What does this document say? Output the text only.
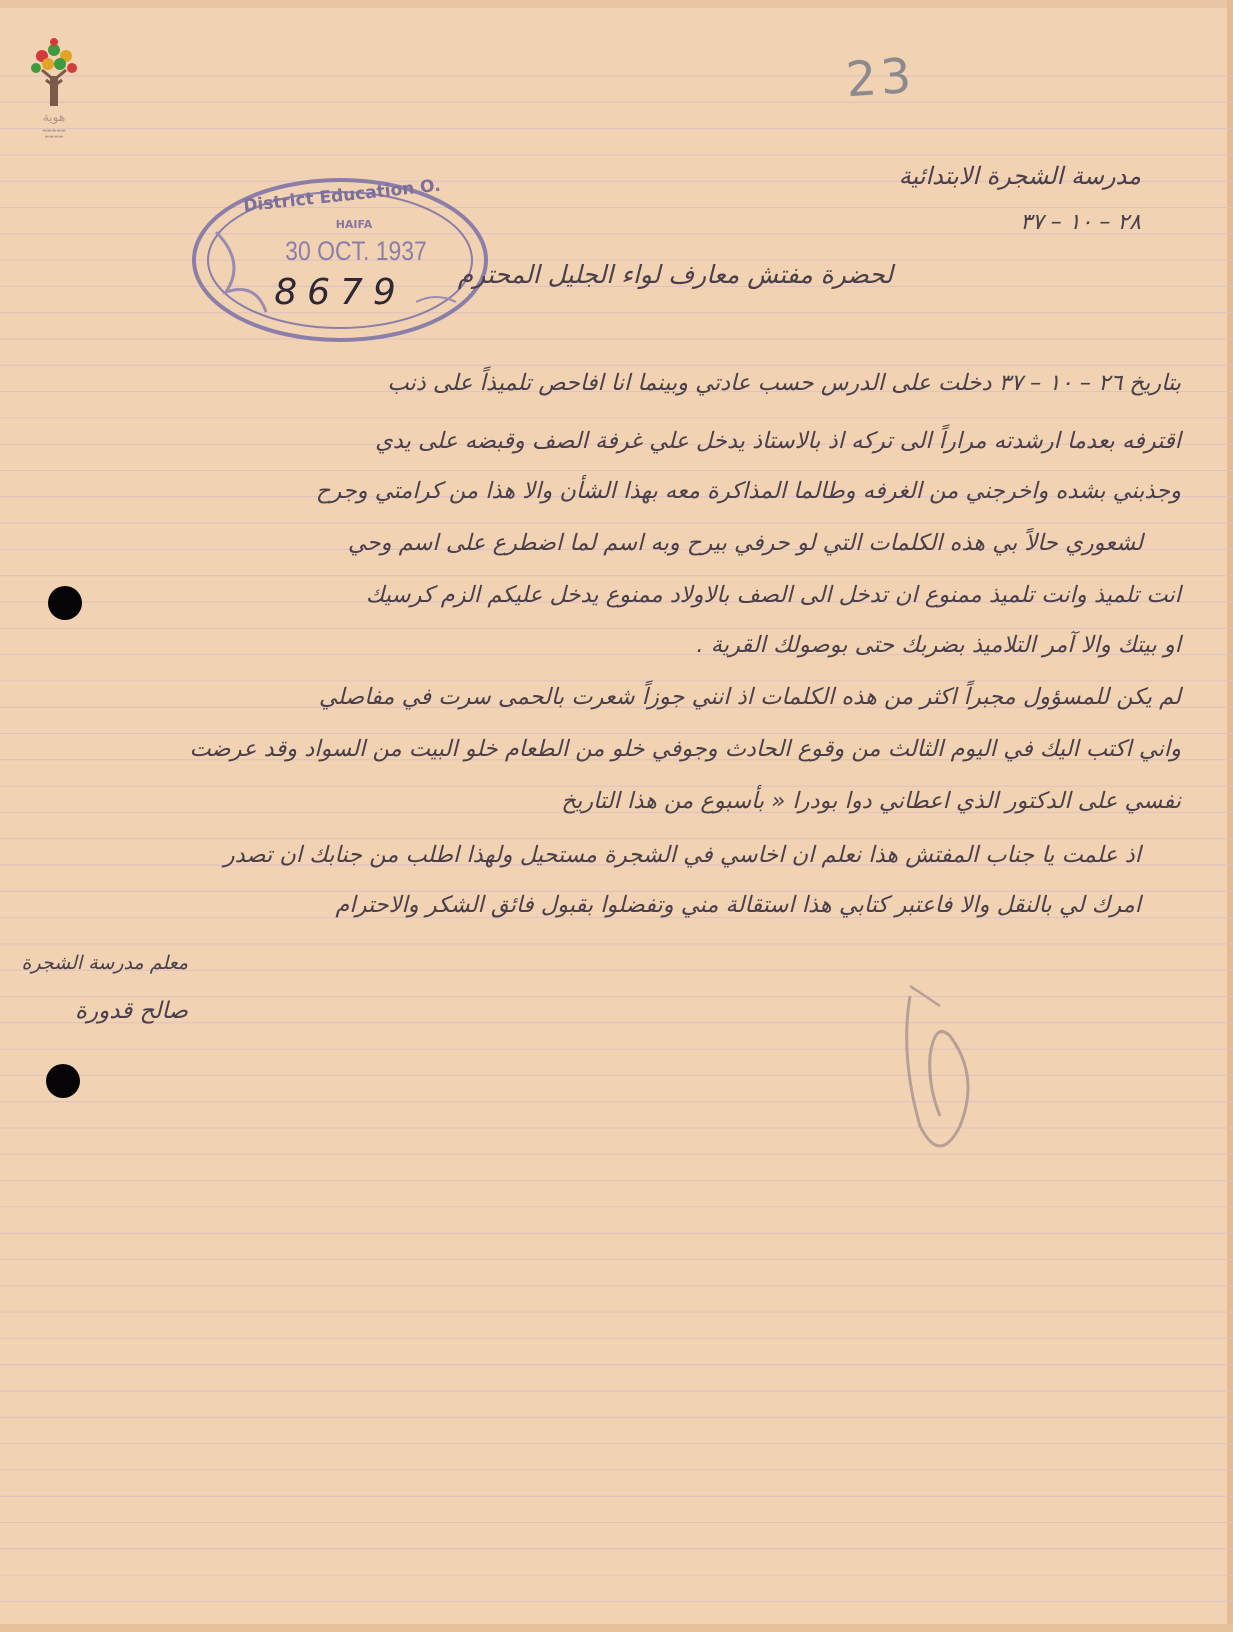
هوية
▬▬▬▬▬
▬▬▬▬
23
District Education O.
HAIFA
30 OCT. 1937
8679
مدرسة الشجرة الابتدائية
٢٨ – ١٠ – ٣٧
لحضرة مفتش معارف لواء الجليل المحترم
بتاريخ ٢٦ – ١٠ – ٣٧ دخلت على الدرس حسب عادتي وبينما انا افاحص تلميذاً على ذنب
اقترفه بعدما ارشدته مراراً الى تركه اذ بالاستاذ يدخل علي غرفة الصف وقبضه على يدي
وجذبني بشده واخرجني من الغرفه وطالما المذاكرة معه بهذا الشأن والا هذا من كرامتي وجرح
لشعوري حالاً بي هذه الكلمات التي لو حرفي بيرح وبه اسم لما اضطرع على اسم وحي
انت تلميذ وانت تلميذ ممنوع ان تدخل الى الصف بالاولاد ممنوع يدخل عليكم الزم كرسيك
او بيتك والا آمر التلاميذ بضربك حتى بوصولك القرية .
لم يكن للمسؤول مجبراً اكثر من هذه الكلمات اذ انني جوزاً شعرت بالحمى سرت في مفاصلي
واني اكتب اليك في اليوم الثالث من وقوع الحادث وجوفي خلو من الطعام خلو البيت من السواد وقد عرضت
نفسي على الدكتور الذي اعطاني دوا بودرا « بأسبوع من هذا التاريخ
اذ علمت يا جناب المفتش هذا نعلم ان اخاسي في الشجرة مستحيل ولهذا اطلب من جنابك ان تصدر
امرك لي بالنقل والا فاعتبر كتابي هذا استقالة مني وتفضلوا بقبول فائق الشكر والاحترام
معلم مدرسة الشجرة
صالح قدورة
